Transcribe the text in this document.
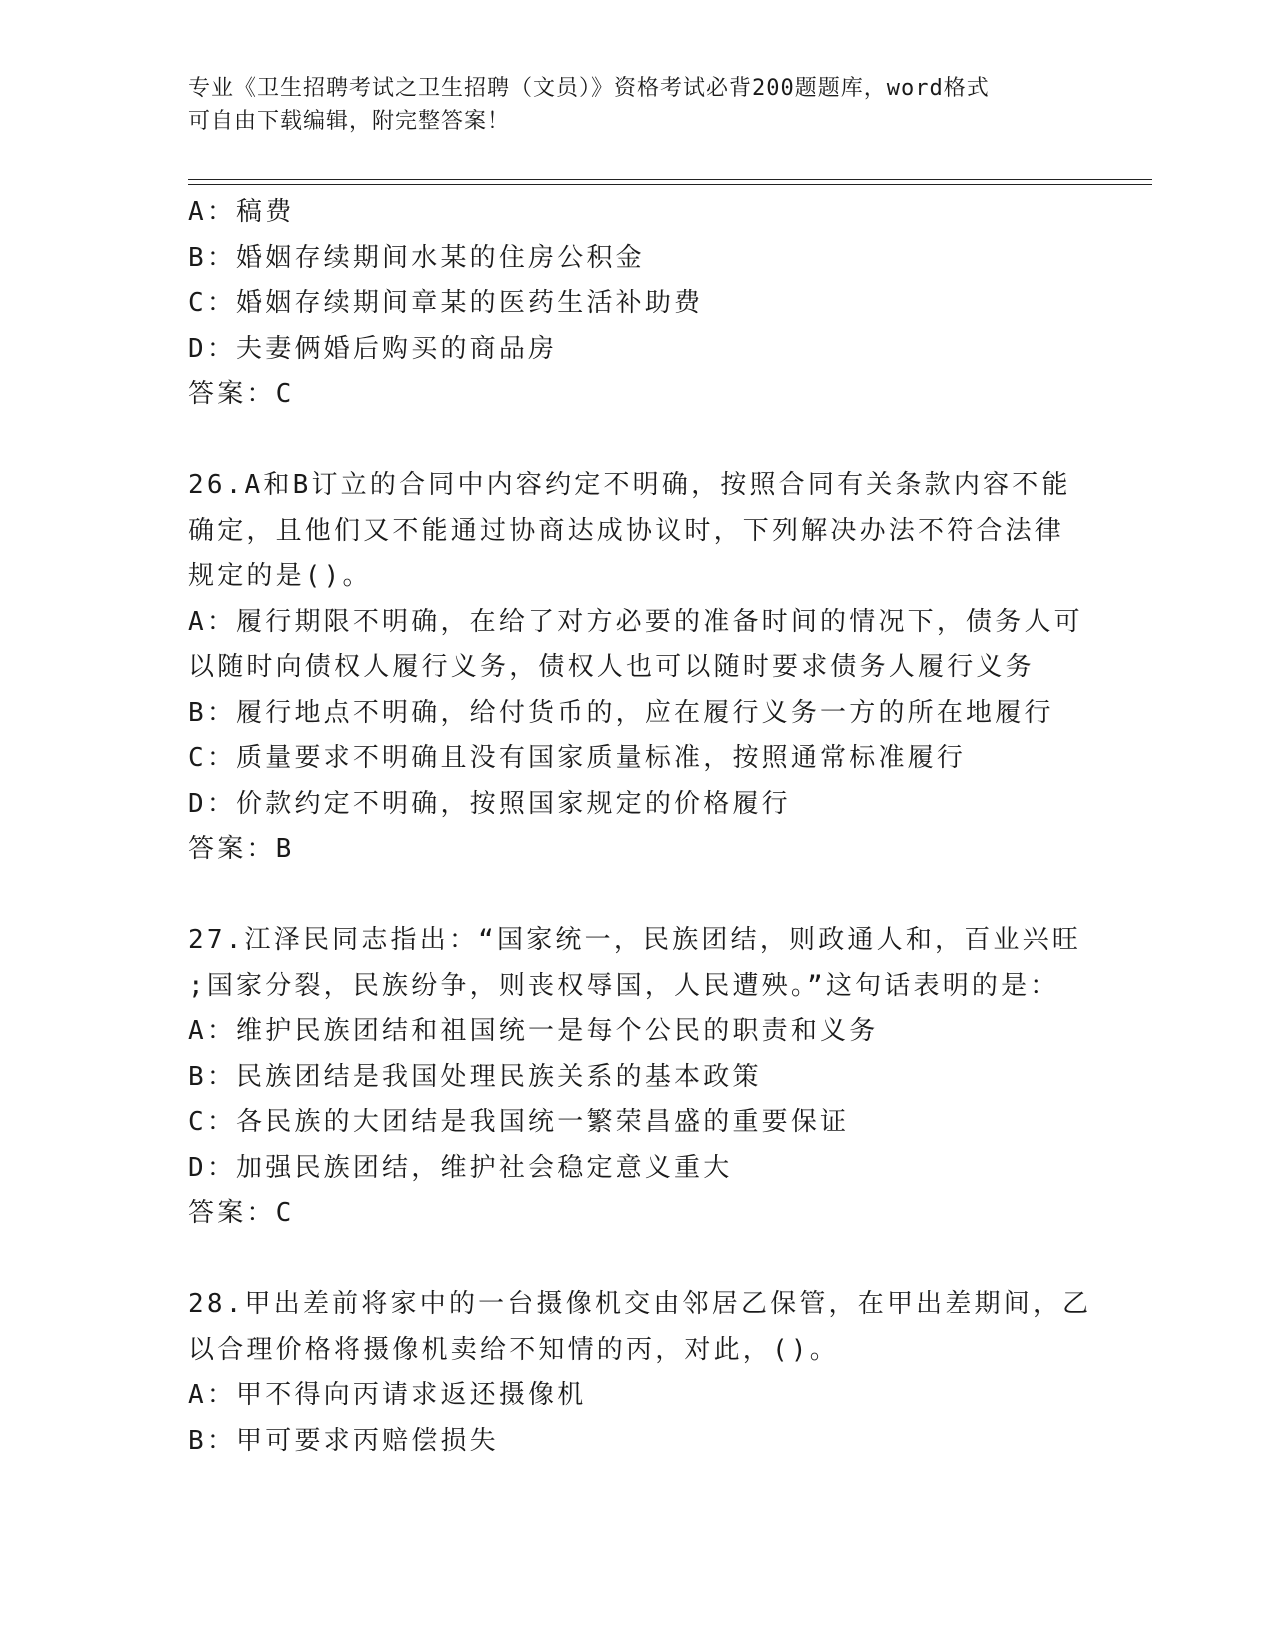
专业《卫生招聘考试之卫生招聘（文员）》资格考试必背200题题库，word格式
可自由下载编辑，附完整答案！
A：稿费
B：婚姻存续期间水某的住房公积金
C：婚姻存续期间章某的医药生活补助费
D：夫妻俩婚后购买的商品房
答案：C
26.A和B订立的合同中内容约定不明确，按照合同有关条款内容不能
确定，且他们又不能通过协商达成协议时，下列解决办法不符合法律
规定的是()。
A：履行期限不明确，在给了对方必要的准备时间的情况下，债务人可
以随时向债权人履行义务，债权人也可以随时要求债务人履行义务
B：履行地点不明确，给付货币的，应在履行义务一方的所在地履行
C：质量要求不明确且没有国家质量标准，按照通常标准履行
D：价款约定不明确，按照国家规定的价格履行
答案：B
27.江泽民同志指出：“国家统一，民族团结，则政通人和，百业兴旺
;国家分裂，民族纷争，则丧权辱国，人民遭殃。”这句话表明的是：
A：维护民族团结和祖国统一是每个公民的职责和义务
B：民族团结是我国处理民族关系的基本政策
C：各民族的大团结是我国统一繁荣昌盛的重要保证
D：加强民族团结，维护社会稳定意义重大
答案：C
28.甲出差前将家中的一台摄像机交由邻居乙保管，在甲出差期间，乙
以合理价格将摄像机卖给不知情的丙，对此，()。
A：甲不得向丙请求返还摄像机
B：甲可要求丙赔偿损失
